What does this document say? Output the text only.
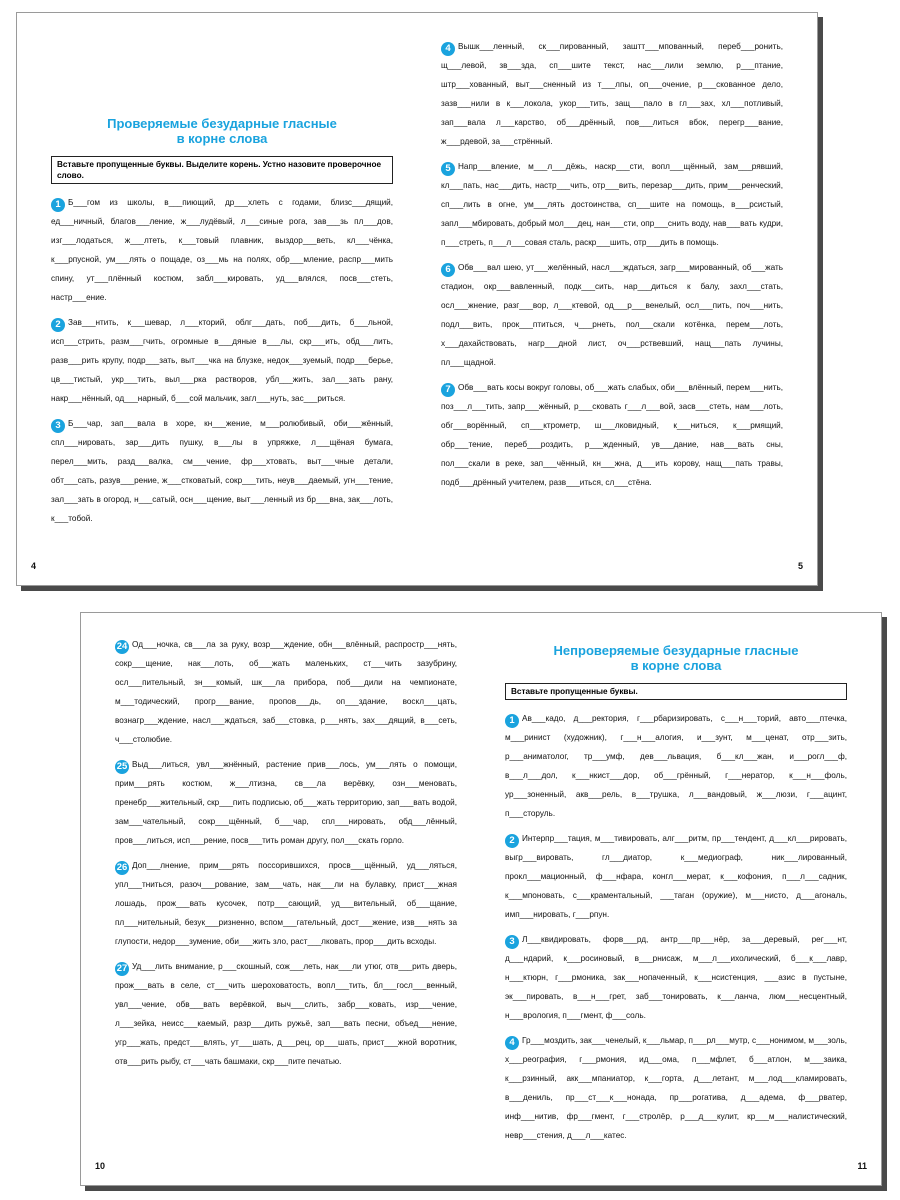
Проверяемые безударные гласные
в корне слова
Вставьте пропущенные буквы. Выделите корень. Устно назовите проверочное слово.

1 Б___гом из школы, в___пиющий, др___хлеть с годами, близс___дящий, ед___ничный, благов___ление, ж___лудёвый, л___синые рога, зав___зь пл___дов, изг___лодаться, ж___лтеть, к___товый плавник, выздор___веть, кл___чёнка, к___рпусной, ум___лять о пощаде, оз___мь на полях, обр___мление, распр___мить спину, ут___плённый костюм, забл___кировать, уд___влялся, посв___стеть, настр___ение.

2 Зав___нтить, к___шевар, л___кторий, облг___дать, поб___дить, б___льной, исп___стрить, разм___гчить, огромные в___дяные в___лы, скр___ить, обд___лить, разв___рить крупу, подр___зать, выт___чка на блузке, недок___зуемый, подр___берье, цв___тистый, укр___тить, выл___рка растворов, убл___жить, зал___зать рану, накр___нённый, од___нарный, б___сой мальчик, загл___нуть, зас___риться.

3 Б___чар, зап___вала в хоре, кн___жение, м___ролюбивый, оби___жённый, спл___нировать, зар___дить пушку, в___лы в упряжке, л___щёная бумага, перел___мить, разд___валка, см___чение, фр___хтовать, выт___чные детали, обт___сать, разув___рение, ж___стковатый, сокр___тить, неув___даемый, угн___тение, зал___зать в огород, н___сатый, осн___щение, выт___ленный из бр___вна, зак___лоть, к___тобой.

4

4 Вышк___ленный, ск___пированный, заштт___мпованный, переб___ронить, щ___левой, зв___зда, сп___шите текст, нас___лили землю, р___птание, штр___хованный, выт___сненный из т___лпы, оп___очение, р___скованное дело, зазв___нили в к___локола, укор___тить, защ___пало в гл___зах, хл___потливый, зап___вала л___карство, об___дрённый, пов___литься вбок, перегр___вание, ж___рдевой, за___стрённый.

5 Напр___вление, м___л___дёжь, наскр___сти, вопл___щённый, зам___рявший, кл___пать, нас___дить, настр___чить, отр___вить, перезар___дить, прим___ренческий, сп___лить в огне, ум___лять достоинства, сп___шите на помощь, в___рсистый, запл___мбировать, добрый мол___дец, нан___сти, опр___снить воду, нав___вать кудри, п___стреть, п___л___совая сталь, раскр___шить, отр___дить в помощь.

6 Обв___вал шею, ут___желённый, насл___ждаться, загр___мированный, об___жать стадион, окр___вавленный, подк___сить, нар___диться к балу, захл___стать, осл___жнение, разг___вор, л___ктевой, од___р___венелый, осл___пить, поч___нить, подл___вить, прок___птиться, ч___рнеть, пол___скали котёнка, перем___лоть, х___дахайствовать, нагр___дной лист, оч___рствевший, нащ___пать лучины, пл___щадной.

7 Обв___вать косы вокруг головы, об___жать слабых, оби___влённый, перем___нить, поз___л___тить, запр___жённый, р___сковать г___л___вой, засв___стеть, нам___лоть, обг___ворённый, сп___ктрометр, ш___лковидный, к___ниться, к___рмящий, обр___тение, переб___роздить, р___жденный, ув___дание, нав___вать сны, пол___скали в реке, зап___чённый, кн___жна, д___ить корову, нащ___пать травы, подб___дрённый учителем, разв___иться, сл___стёна.

5

24 Од___ночка, св___ла за руку, возр___ждение, обн___влённый, распростр___нять, сокр___щение, нак___лоть, об___жать маленьких, ст___чить зазубрину, осл___пительный, зн___комый, шк___ла прибора, поб___дили на чемпионате, м___тодический, прогр___вание, пропов___дь, оп___здание, воскл___цать, вознагр___ждение, насл___ждаться, заб___стовка, р___нять, зах___дящий, в___сеть, ч___столюбие.

25 Выд___литься, увл___жнённый, растение прив___лось, ум___лять о помощи, прим___рять костюм, ж___лтизна, св___ла верёвку, озн___меновать, пренебр___жительный, скр___пить подписью, об___жать территорию, зап___вать водой, зам___чательный, сокр___щённый, б___чар, спл___нировать, обд___лённый, пров___литься, исп___рение, посв___тить роман другу, пол___скать горло.

26 Доп___лнение, прим___рять поссорившихся, просв___щённый, уд___ляться, упл___тниться, разоч___рование, зам___чать, нак___ли на булавку, прист___жная лошадь, прож___вать кусочек, потр___сающий, уд___вительный, об___щание, пл___нительный, безук___ризненно, вспом___гательный, дост___жение, изв___нять за глупости, недор___зумение, оби___жить зло, раст___лковать, прор___дить всходы.

27 Уд___лить внимание, р___скошный, сож___леть, нак___ли утюг, отв___рить дверь, прож___вать в селе, ст___чить шероховатость, вопл___тить, бл___госл___венный, увл___чение, обв___вать верёвкой, выч___слить, забр___ковать, изр___чение, л___зейка, неисс___каемый, разр___дить ружьё, зап___вать песни, объед___нение, угр___жать, предст___влять, ут___шать, д___рец, ор___шать, прист___жной воротник, отв___рить рыбу, ст___чать башмаки, скр___пите печатью.

10
Непроверяемые безударные гласные
в корне слова
Вставьте пропущенные буквы.

1 Ав___кадо, д___ректория, г___рбаризировать, с___н___торий, авто___птечка, м___ринист (художник), г___н___алогия, и___зунт, м___ценат, отр___зить, р___аниматолог, тр___умф, дев___львация, б___кл___жан, и___рогл___ф, в___л___дол, к___нкист___дор, об___грённый, г___нератор, к___н___фоль, ур___зоненный, акв___рель, в___трушка, л___вандовый, ж___люзи, г___ацинт, п___сторуль.

2 Интерпр___тация, м___тивировать, алг___ритм, пр___тендент, д___кл___рировать, выгр___вировать, гл___диатор, к___медиограф, ник___лированный, прокл___мационный, ф___нфара, конгл___мерат, к___кофония, п___л___садник, к___мпоновать, с___краментальный, ___таган (оружие), м___нисто, д___агональ, имп___нировать, г___рпун.

3 Л___квидировать, форв___рд, антр___пр___нёр, за___деревый, рег___нт, д___ндарий, к___росиновый, в___рнисаж, м___л___ихолический, б___к___лавр, н___ктюрн, г___рмоника, зак___нопаченный, к___нсистенция, ___азис в пустыне, эк___пировать, в___н___грет, заб___тонировать, к___ланча, люм___несцентный, н___врология, п___гмент, ф___соль.

4 Гр___моздить, зак___ченелый, к___льмар, п___рл___мутр, с___нонимом, м___золь, х___реография, г___рмония, ид___ома, п___мфлет, б___атлон, м___заика, к___рзинный, акк___мпаниатор, к___горта, д___летант, м___лод___кламировать, в___дениль, пр___ст___к___нонада, пр___рогатива, д___адема, ф___рватер, инф___нитив, фр___гмент, г___стролёр, р___д___кулит, кр___м___налистический, невр___стения, д___л___катес.

11
